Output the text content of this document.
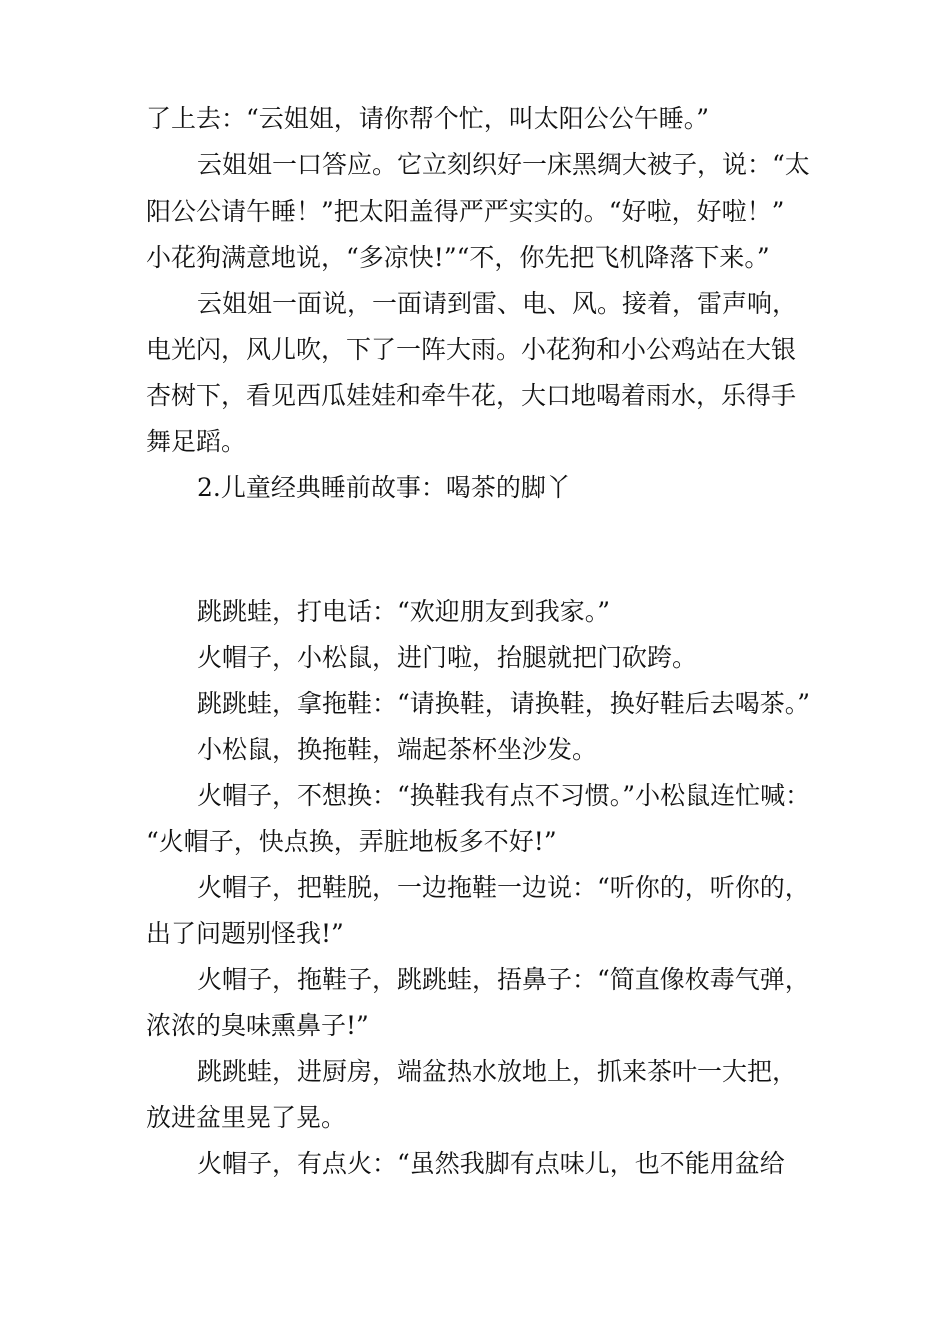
了上去：“云姐姐，请你帮个忙，叫太阳公公午睡。”
云姐姐一口答应。它立刻织好一床黑绸大被子，说：“太
阳公公请午睡！”把太阳盖得严严实实的。“好啦，好啦！”
小花狗满意地说，“多凉快!”“不，你先把飞机降落下来。”
云姐姐一面说，一面请到雷、电、风。接着，雷声响，
电光闪，风儿吹，下了一阵大雨。小花狗和小公鸡站在大银
杏树下，看见西瓜娃娃和牵牛花，大口地喝着雨水，乐得手
舞足蹈。
2.儿童经典睡前故事：喝茶的脚丫
跳跳蛙，打电话：“欢迎朋友到我家。”
火帽子，小松鼠，进门啦，抬腿就把门砍跨。
跳跳蛙，拿拖鞋：“请换鞋，请换鞋，换好鞋后去喝茶。”
小松鼠，换拖鞋，端起茶杯坐沙发。
火帽子，不想换：“换鞋我有点不习惯。”小松鼠连忙喊：
“火帽子，快点换，弄脏地板多不好!”
火帽子，把鞋脱，一边拖鞋一边说：“听你的，听你的，
出了问题别怪我!”
火帽子，拖鞋子，跳跳蛙，捂鼻子：“简直像枚毒气弹，
浓浓的臭味熏鼻子!”
跳跳蛙，进厨房，端盆热水放地上，抓来茶叶一大把，
放进盆里晃了晃。
火帽子，有点火：“虽然我脚有点味儿，也不能用盆给
